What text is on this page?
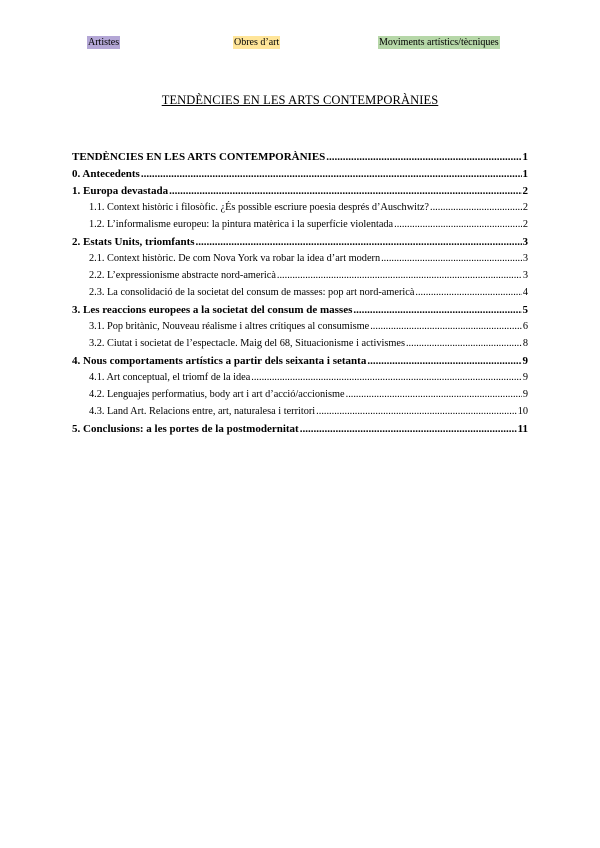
Artistes	Obres d’art	Moviments artístics/tècniques
TENDÈNCIES EN LES ARTS CONTEMPORÀNIES
TENDÈNCIES EN LES ARTS CONTEMPORÀNIES .....	1
0. Antecedents .....	1
1. Europa devastada .....	2
1.1. Context històric i filosòfic. ¿És possible escriure poesia després d’Auschwitz? .....	2
1.2. L’informalisme europeu: la pintura matèrica i la superfície violentada .....	2
2. Estats Units, triomfants .....	3
2.1. Context històric. De com Nova York va robar la idea d’art modern .....	3
2.2. L’expressionisme abstracte nord-americà .....	3
2.3. La consolidació de la societat del consum de masses: pop art nord-americà .....	4
3. Les reaccions europees a la societat del consum de masses .....	5
3.1. Pop britànic, Nouveau réalisme i altres crítiques al consumisme .....	6
3.2. Ciutat i societat de l’espectacle. Maig del 68, Situacionisme i activismes .....	8
4. Nous comportaments artístics a partir dels seixanta i setanta .....	9
4.1. Art conceptual, el triomf de la idea .....	9
4.2. Lenguajes performatius, body art i art d’acció/accionisme .....	9
4.3. Land Art. Relacions entre, art, naturalesa i territori .....	10
5. Conclusions: a les portes de la postmodernitat .....	11
